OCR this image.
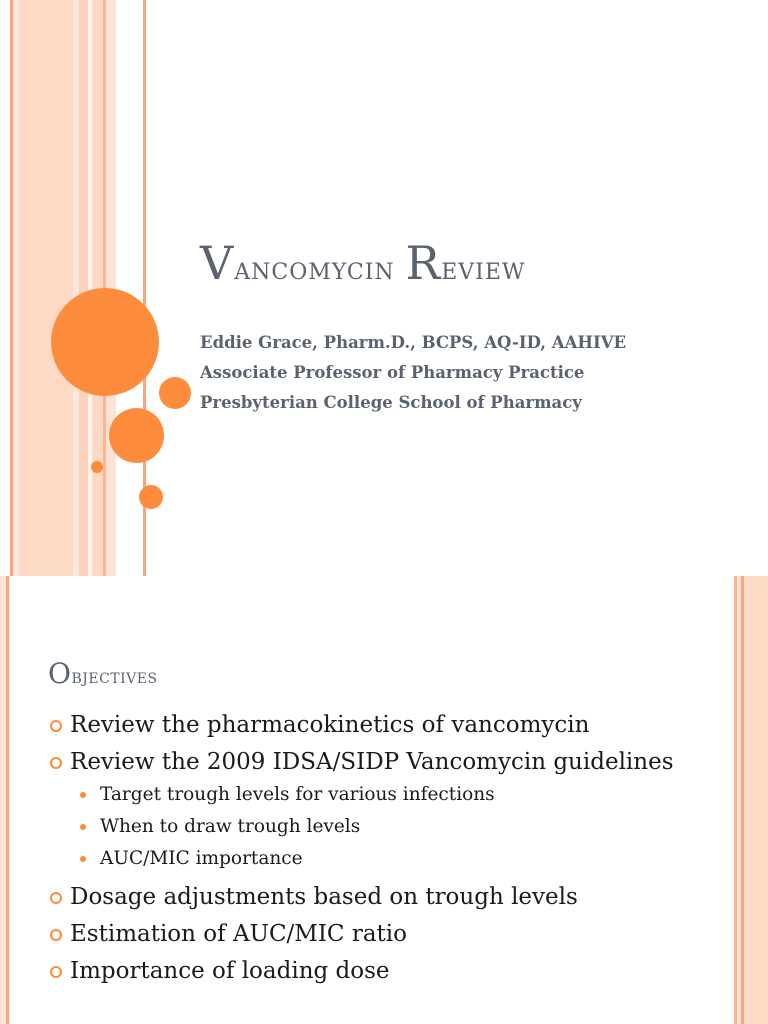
Vancomycin Review
Eddie Grace, Pharm.D., BCPS, AQ-ID, AAHIVE
Associate Professor of Pharmacy Practice
Presbyterian College School of Pharmacy
Objectives
Review the pharmacokinetics of vancomycin
Review the 2009 IDSA/SIDP Vancomycin guidelines
Target trough levels for various infections
When to draw trough levels
AUC/MIC importance
Dosage adjustments based on trough levels
Estimation of AUC/MIC ratio
Importance of loading dose
